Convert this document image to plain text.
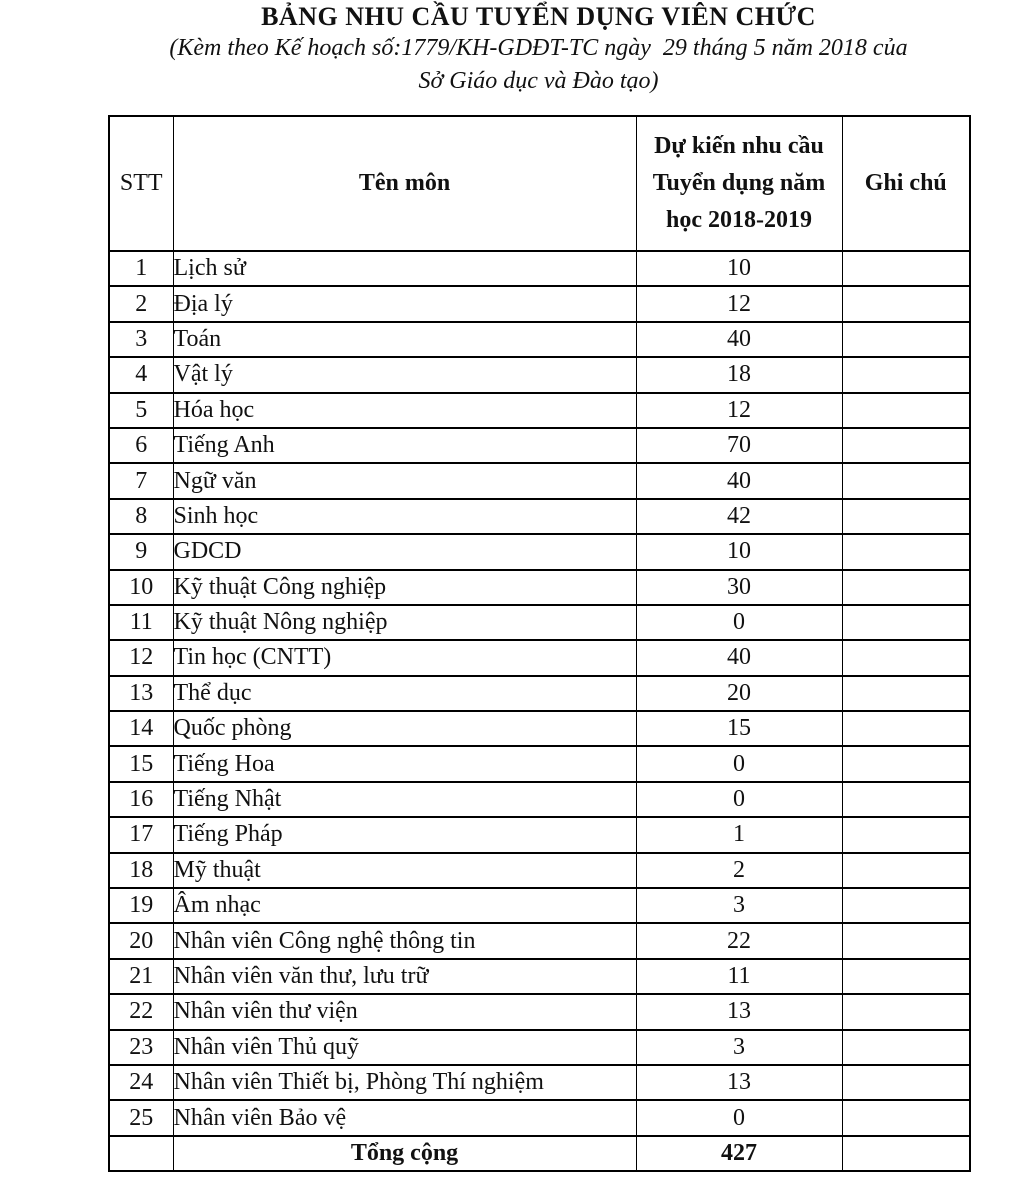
BẢNG NHU CẦU TUYỂN DỤNG VIÊN CHỨC

(Kèm theo Kế hoạch số:1779/KH-GDĐT-TC ngày  29 tháng 5 năm 2018 của

Sở Giáo dục và Đào tạo)

STT	Tên môn	Dự kiến nhu cầu Tuyển dụng năm học 2018-2019	Ghi chú
1	Lịch sử	10	
2	Địa lý	12	
3	Toán	40	
4	Vật lý	18	
5	Hóa học	12	
6	Tiếng Anh	70	
7	Ngữ văn	40	
8	Sinh học	42	
9	GDCD	10	
10	Kỹ thuật Công nghiệp	30	
11	Kỹ thuật Nông nghiệp	0	
12	Tin học (CNTT)	40	
13	Thể dục	20	
14	Quốc phòng	15	
15	Tiếng Hoa	0	
16	Tiếng Nhật	0	
17	Tiếng Pháp	1	
18	Mỹ thuật	2	
19	Âm nhạc	3	
20	Nhân viên Công nghệ thông tin	22	
21	Nhân viên văn thư, lưu trữ	11	
22	Nhân viên thư viện	13	
23	Nhân viên Thủ quỹ	3	
24	Nhân viên Thiết bị, Phòng Thí nghiệm	13	
25	Nhân viên Bảo vệ	0	
	Tổng cộng	427	
